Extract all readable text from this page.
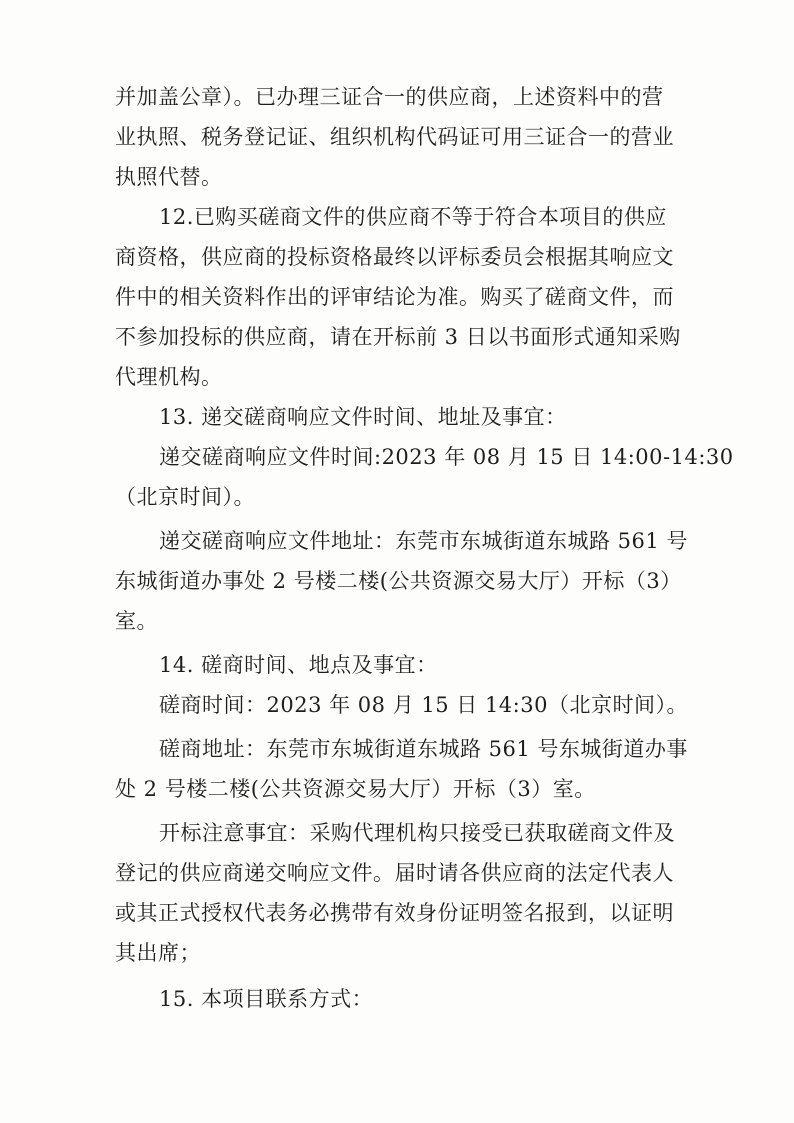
并加盖公章）。已办理三证合一的供应商，上述资料中的营
业执照、税务登记证、组织机构代码证可用三证合一的营业
执照代替。
12.已购买磋商文件的供应商不等于符合本项目的供应
商资格，供应商的投标资格最终以评标委员会根据其响应文
件中的相关资料作出的评审结论为准。购买了磋商文件，而
不参加投标的供应商，请在开标前 3 日以书面形式通知采购
代理机构。
13. 递交磋商响应文件时间、地址及事宜：
递交磋商响应文件时间:2023 年 08 月 15 日 14:00-14:30
（北京时间）。
递交磋商响应文件地址：东莞市东城街道东城路 561 号
东城街道办事处 2 号楼二楼(公共资源交易大厅）开标（3）
室。
14. 磋商时间、地点及事宜：
磋商时间：2023 年 08 月 15 日 14:30（北京时间）。
磋商地址：东莞市东城街道东城路 561 号东城街道办事
处 2 号楼二楼(公共资源交易大厅）开标（3）室。
开标注意事宜：采购代理机构只接受已获取磋商文件及
登记的供应商递交响应文件。届时请各供应商的法定代表人
或其正式授权代表务必携带有效身份证明签名报到，以证明
其出席；
15. 本项目联系方式：
